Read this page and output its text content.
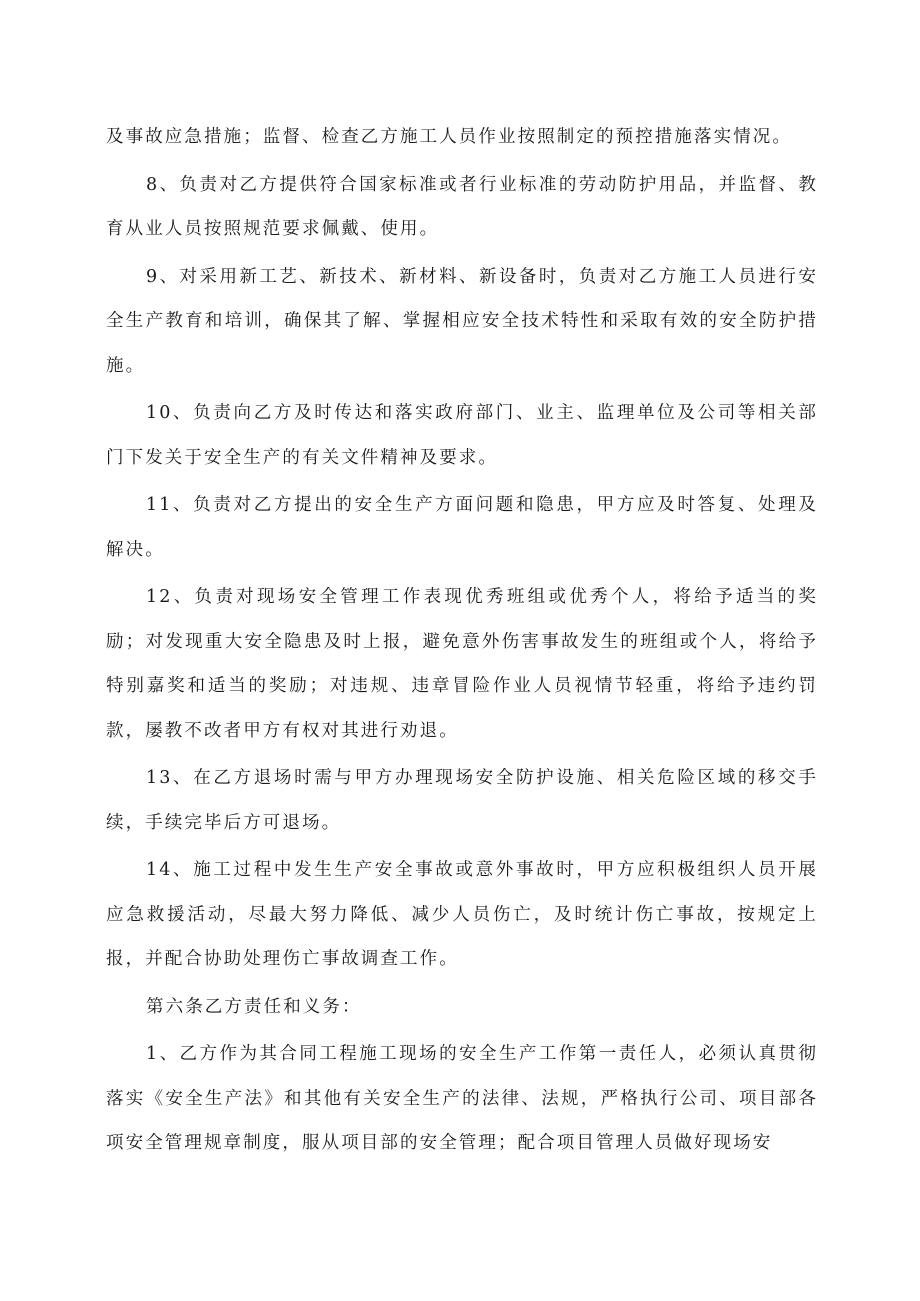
及事故应急措施；监督、检查乙方施工人员作业按照制定的预控措施落实情况。

8、负责对乙方提供符合国家标准或者行业标准的劳动防护用品，并监督、教育从业人员按照规范要求佩戴、使用。

9、对采用新工艺、新技术、新材料、新设备时，负责对乙方施工人员进行安全生产教育和培训，确保其了解、掌握相应安全技术特性和采取有效的安全防护措施。

10、负责向乙方及时传达和落实政府部门、业主、监理单位及公司等相关部门下发关于安全生产的有关文件精神及要求。

11、负责对乙方提出的安全生产方面问题和隐患，甲方应及时答复、处理及解决。

12、负责对现场安全管理工作表现优秀班组或优秀个人，将给予适当的奖励；对发现重大安全隐患及时上报，避免意外伤害事故发生的班组或个人，将给予特别嘉奖和适当的奖励；对违规、违章冒险作业人员视情节轻重，将给予违约罚款，屡教不改者甲方有权对其进行劝退。

13、在乙方退场时需与甲方办理现场安全防护设施、相关危险区域的移交手续，手续完毕后方可退场。

14、施工过程中发生生产安全事故或意外事故时，甲方应积极组织人员开展应急救援活动，尽最大努力降低、减少人员伤亡，及时统计伤亡事故，按规定上报，并配合协助处理伤亡事故调查工作。

第六条乙方责任和义务：

1、乙方作为其合同工程施工现场的安全生产工作第一责任人，必须认真贯彻落实《安全生产法》和其他有关安全生产的法律、法规，严格执行公司、项目部各项安全管理规章制度，服从项目部的安全管理；配合项目管理人员做好现场安
